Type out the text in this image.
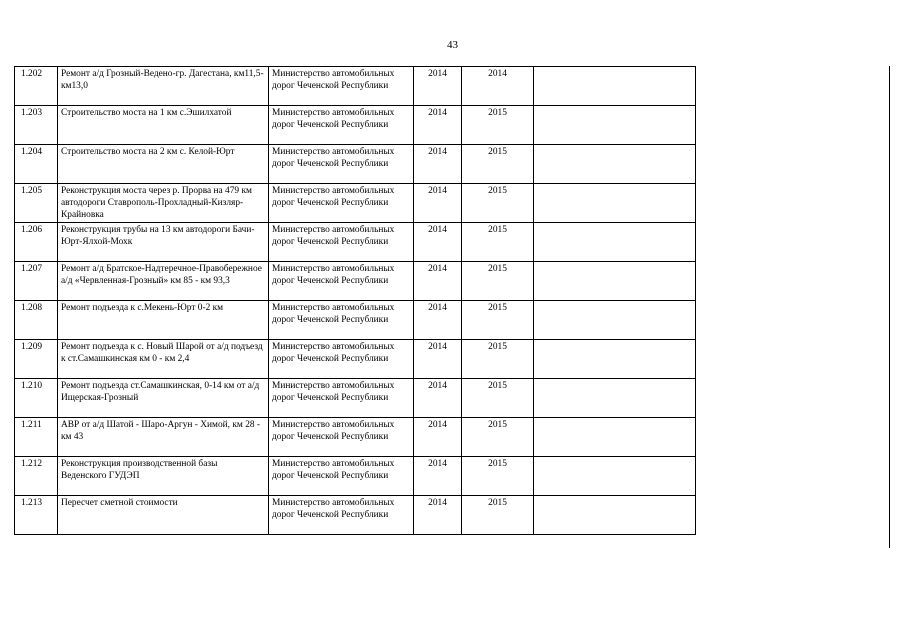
43
1.202	Ремонт а/д Грозный-Ведено-гр. Дагестана, км11,5-км13,0	Министерство автомобильных дорог Чеченской Республики	2014	2014	
1.203	Строительство моста на 1 км с.Эшилхатой	Министерство автомобильных дорог Чеченской Республики	2014	2015	
1.204	Строительство моста на 2 км с. Келой-Юрт	Министерство автомобильных дорог Чеченской Республики	2014	2015	
1.205	Реконструкция моста через р. Прорва на 479 км автодороги Ставрополь-Прохладный-Кизляр-Крайновка	Министерство автомобильных дорог Чеченской Республики	2014	2015	
1.206	Реконструкция трубы на 13 км автодороги Бачи-Юрт-Ялхой-Мохк	Министерство автомобильных дорог Чеченской Республики	2014	2015	
1.207	Ремонт а/д Братское-Надтеречное-Правобережное а/д «Червленная-Грозный» км 85 - км 93,3	Министерство автомобильных дорог Чеченской Республики	2014	2015	
1.208	Ремонт подъезда к с.Мекень-Юрт 0-2 км	Министерство автомобильных дорог Чеченской Республики	2014	2015	
1.209	Ремонт подъезда к с. Новый Шарой от а/д подъезд к ст.Самашкинская км 0 - км 2,4	Министерство автомобильных дорог Чеченской Республики	2014	2015	
1.210	Ремонт подъезда ст.Самашкинская, 0-14 км от а/д Ищерская-Грозный	Министерство автомобильных дорог Чеченской Республики	2014	2015	
1.211	АВР от а/д Шатой - Шаро-Аргун - Химой, км 28 - км 43	Министерство автомобильных дорог Чеченской Республики	2014	2015	
1.212	Реконструкция производственной базы Веденского ГУДЭП	Министерство автомобильных дорог Чеченской Республики	2014	2015	
1.213	Пересчет сметной стоимости	Министерство автомобильных дорог Чеченской Республики	2014	2015	
